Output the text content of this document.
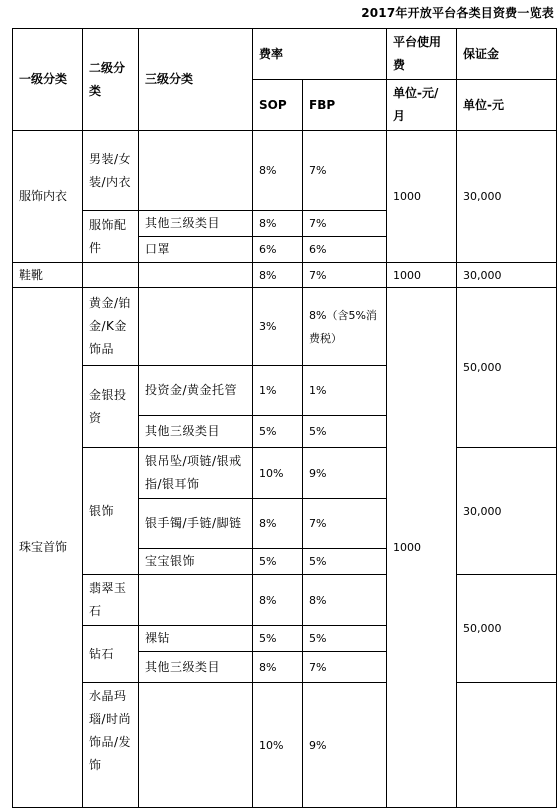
2017年开放平台各类目资费一览表
一级分类	二级分类	三级分类	费率		平台使用费	保证金
			SOP	FBP	单位-元/月	单位-元
服饰内衣	男装/女装/内衣		8%	7%	1000	30,000
	服饰配件	其他三级类目	8%	7%		
		口罩	6%	6%		
鞋靴			8%	7%	1000	30,000
珠宝首饰	黄金/铂金/K金饰品		3%	8%（含5%消费税）	1000	50,000
	金银投资	投资金/黄金托管	1%	1%		
		其他三级类目	5%	5%		
	银饰	银吊坠/项链/银戒指/银耳饰	10%	9%		30,000
		银手镯/手链/脚链	8%	7%		
		宝宝银饰	5%	5%		
	翡翠玉石		8%	8%		50,000
	钻石	裸钻	5%	5%		
		其他三级类目	8%	7%		
	水晶玛瑙/时尚饰品/发饰		10%	9%		
